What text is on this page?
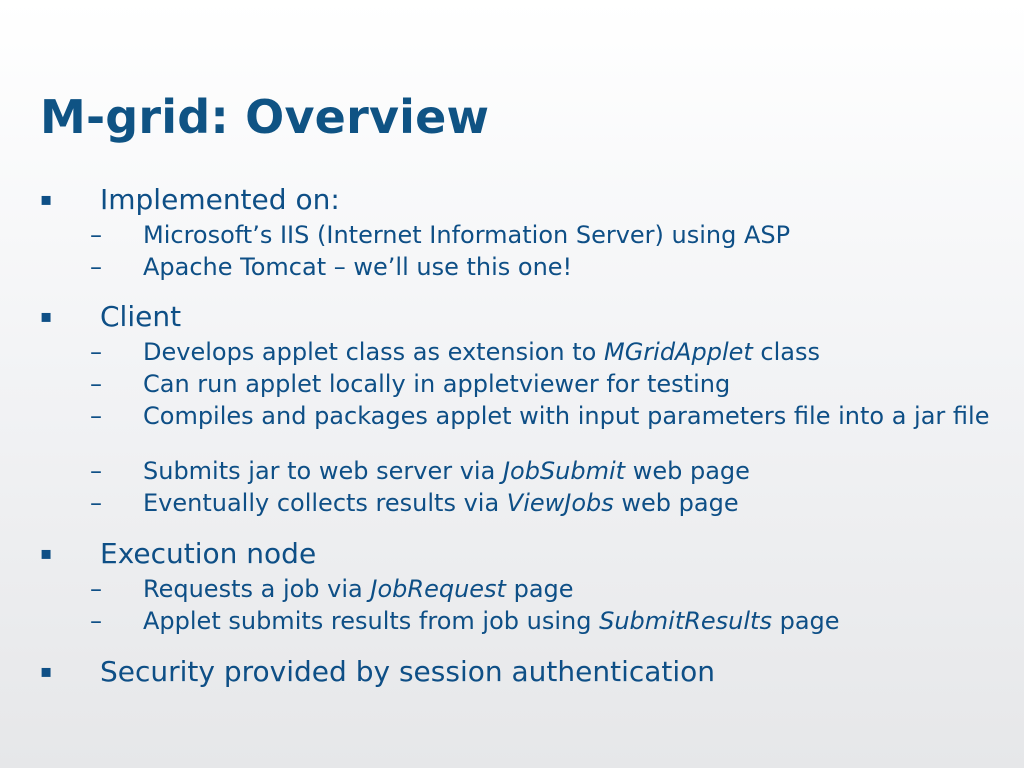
M-grid: Overview
▪ Implemented on:
– Microsoft’s IIS (Internet Information Server) using ASP
– Apache Tomcat – we’ll use this one!
▪ Client
– Develops applet class as extension to MGridApplet class
– Can run applet locally in appletviewer for testing
– Compiles and packages applet with input parameters file into a jar file
– Submits jar to web server via JobSubmit web page
– Eventually collects results via ViewJobs web page
▪ Execution node
– Requests a job via JobRequest page
– Applet submits results from job using SubmitResults page
▪ Security provided by session authentication
